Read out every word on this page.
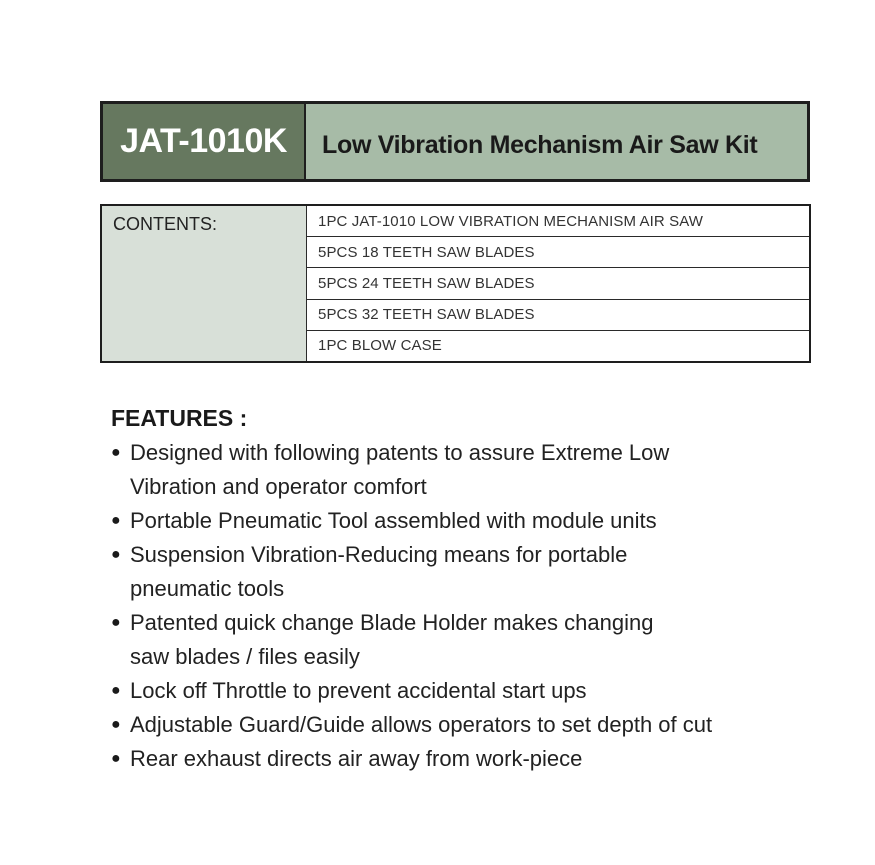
JAT-1010K	Low Vibration Mechanism Air Saw Kit
CONTENTS:	1PC JAT-1010 LOW VIBRATION MECHANISM AIR SAW
5PCS 18 TEETH SAW BLADES
5PCS 24 TEETH SAW BLADES
5PCS 32 TEETH SAW BLADES
1PC BLOW CASE
FEATURES :
● Designed with following patents to assure Extreme Low
Vibration and operator comfort
● Portable Pneumatic Tool assembled with module units
● Suspension Vibration-Reducing means for portable
pneumatic tools
● Patented quick change Blade Holder makes changing
saw blades / files easily
● Lock off Throttle to prevent accidental start ups
● Adjustable Guard/Guide allows operators to set depth of cut
● Rear exhaust directs air away from work-piece
